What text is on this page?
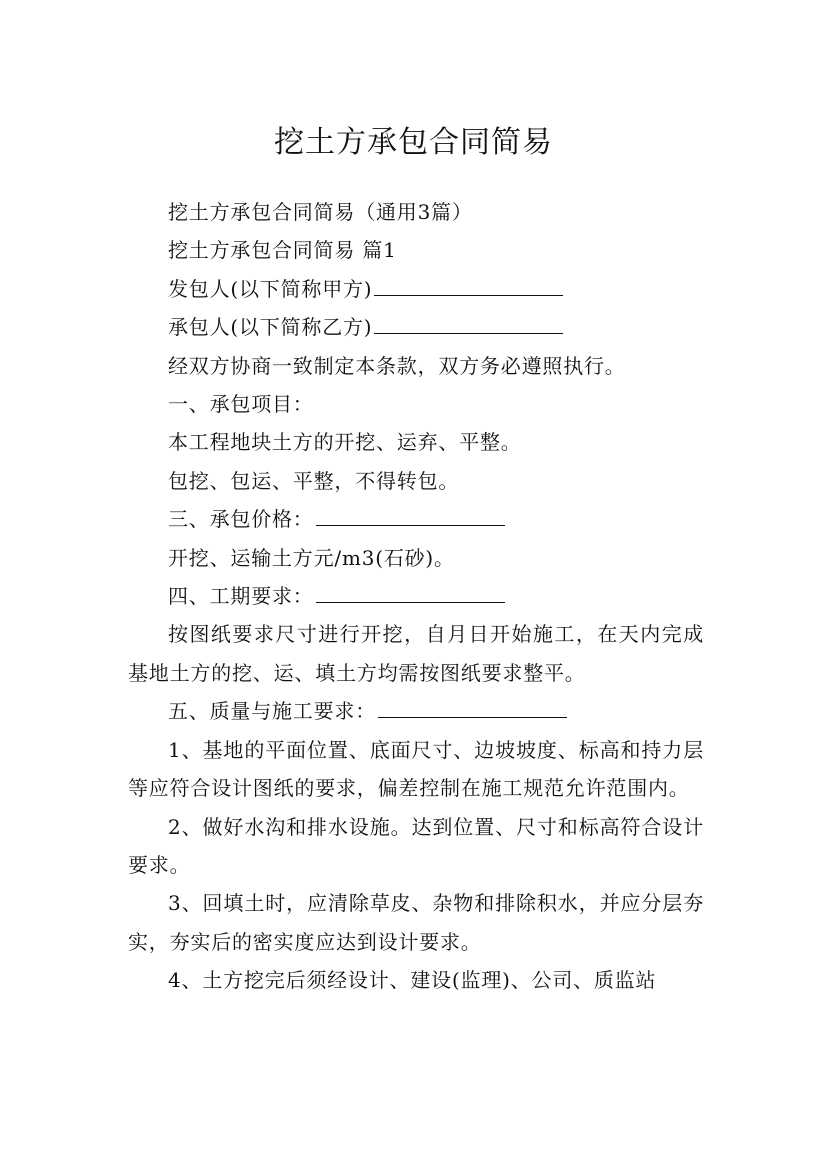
挖土方承包合同简易

挖土方承包合同简易（通用3篇）

挖土方承包合同简易 篇1

发包人(以下简称甲方)

承包人(以下简称乙方)

经双方协商一致制定本条款，双方务必遵照执行。

一、承包项目：

本工程地块土方的开挖、运弃、平整。

包挖、包运、平整，不得转包。

三、承包价格：

开挖、运输土方元/m3(石砂)。

四、工期要求：

按图纸要求尺寸进行开挖，自月日开始施工，在天内完成基地土方的挖、运、填土方均需按图纸要求整平。

五、质量与施工要求：

1、基地的平面位置、底面尺寸、边坡坡度、标高和持力层等应符合设计图纸的要求，偏差控制在施工规范允许范围内。

2、做好水沟和排水设施。达到位置、尺寸和标高符合设计要求。

3、回填土时，应清除草皮、杂物和排除积水，并应分层夯实，夯实后的密实度应达到设计要求。

4、土方挖完后须经设计、建设(监理)、公司、质监站
